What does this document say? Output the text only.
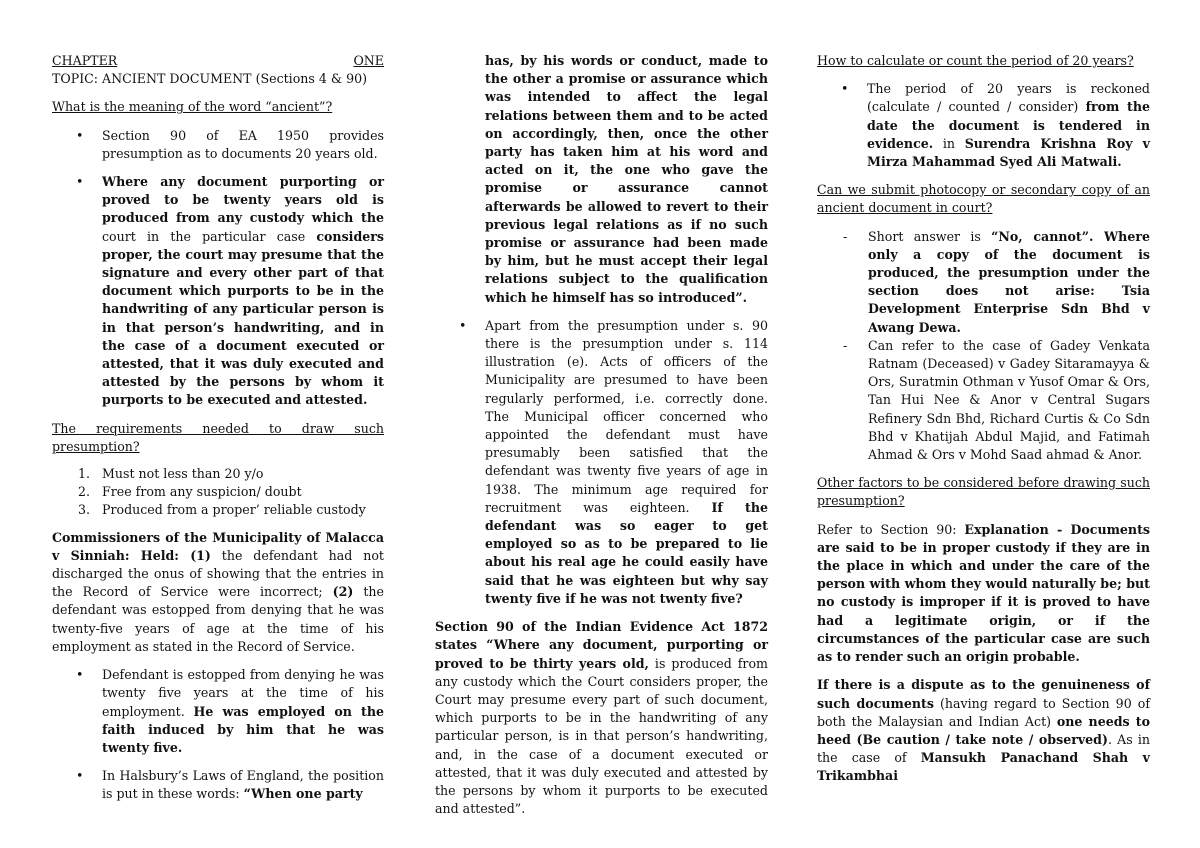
CHAPTER	ONE

TOPIC: ANCIENT DOCUMENT (Sections 4 & 90)

What is the meaning of the word “ancient”?

• Section 90 of EA 1950 provides presumption as to documents 20 years old.
• Where any document purporting or proved to be twenty years old is produced from any custody which the court in the particular case considers proper, the court may presume that the signature and every other part of that document which purports to be in the handwriting of any particular person is in that person’s handwriting, and in the case of a document executed or attested, that it was duly executed and attested by the persons by whom it purports to be executed and attested.

The requirements needed to draw such presumption?

1. Must not less than 20 y/o
2. Free from any suspicion/ doubt
3. Produced from a proper’ reliable custody

Commissioners of the Municipality of Malacca v Sinniah: Held: (1) the defendant had not discharged the onus of showing that the entries in the Record of Service were incorrect; (2) the defendant was estopped from denying that he was twenty-five years of age at the time of his employment as stated in the Record of Service.

• Defendant is estopped from denying he was twenty five years at the time of his employment. He was employed on the faith induced by him that he was twenty five.
• In Halsbury’s Laws of England, the position is put in these words: “When one party

has, by his words or conduct, made to the other a promise or assurance which was intended to affect the legal relations between them and to be acted on accordingly, then, once the other party has taken him at his word and acted on it, the one who gave the promise or assurance cannot afterwards be allowed to revert to their previous legal relations as if no such promise or assurance had been made by him, but he must accept their legal relations subject to the qualification which he himself has so introduced”.

• Apart from the presumption under s. 90 there is the presumption under s. 114 illustration (e). Acts of officers of the Municipality are presumed to have been regularly performed, i.e. correctly done. The Municipal officer concerned who appointed the defendant must have presumably been satisfied that the defendant was twenty five years of age in 1938. The minimum age required for recruitment was eighteen. If the defendant was so eager to get employed so as to be prepared to lie about his real age he could easily have said that he was eighteen but why say twenty five if he was not twenty five?

Section 90 of the Indian Evidence Act 1872 states “Where any document, purporting or proved to be thirty years old, is produced from any custody which the Court considers proper, the Court may presume every part of such document, which purports to be in the handwriting of any particular person, is in that person’s handwriting, and, in the case of a document executed or attested, that it was duly executed and attested by the persons by whom it purports to be executed and attested”.

How to calculate or count the period of 20 years?

• The period of 20 years is reckoned (calculate / counted / consider) from the date the document is tendered in evidence. in Surendra Krishna Roy v Mirza Mahammad Syed Ali Matwali.

Can we submit photocopy or secondary copy of an ancient document in court?

- Short answer is “No, cannot”. Where only a copy of the document is produced, the presumption under the section does not arise: Tsia Development Enterprise Sdn Bhd v Awang Dewa.
- Can refer to the case of Gadey Venkata Ratnam (Deceased) v Gadey Sitaramayya & Ors, Suratmin Othman v Yusof Omar & Ors, Tan Hui Nee & Anor v Central Sugars Refinery Sdn Bhd, Richard Curtis & Co Sdn Bhd v Khatijah Abdul Majid, and Fatimah Ahmad & Ors v Mohd Saad ahmad & Anor.

Other factors to be considered before drawing such presumption?

Refer to Section 90: Explanation - Documents are said to be in proper custody if they are in the place in which and under the care of the person with whom they would naturally be; but no custody is improper if it is proved to have had a legitimate origin, or if the circumstances of the particular case are such as to render such an origin probable.

If there is a dispute as to the genuineness of such documents (having regard to Section 90 of both the Malaysian and Indian Act) one needs to heed (Be caution / take note / observed). As in the case of Mansukh Panachand Shah v Trikambhai
